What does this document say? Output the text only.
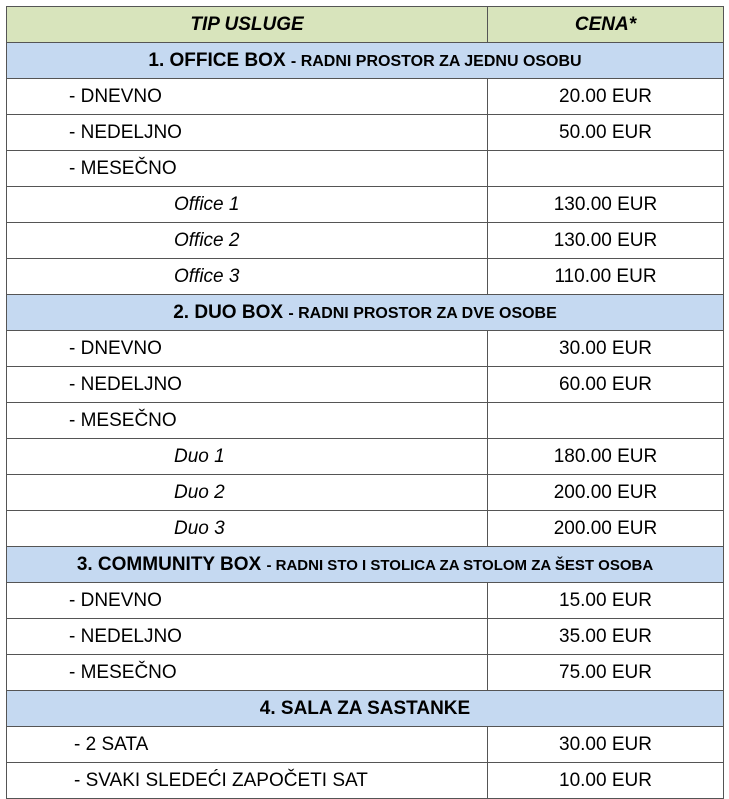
TIP USLUGE	CENA*
1. OFFICE BOX - RADNI PROSTOR ZA JEDNU OSOBU	
- DNEVNO	20.00 EUR
- NEDELJNO	50.00 EUR
- MESEČNO	
Office 1	130.00 EUR
Office 2	130.00 EUR
Office 3	110.00 EUR
2. DUO BOX - RADNI PROSTOR ZA DVE OSOBE	
- DNEVNO	30.00 EUR
- NEDELJNO	60.00 EUR
- MESEČNO	
Duo 1	180.00 EUR
Duo 2	200.00 EUR
Duo 3	200.00 EUR
3. COMMUNITY BOX - RADNI STO I STOLICA ZA STOLOM ZA ŠEST OSOBA	
- DNEVNO	15.00 EUR
- NEDELJNO	35.00 EUR
- MESEČNO	75.00 EUR
4. SALA ZA SASTANKE	
- 2 SATA	30.00 EUR
- SVAKI SLEDEĆI ZAPOČETI SAT	10.00 EUR
